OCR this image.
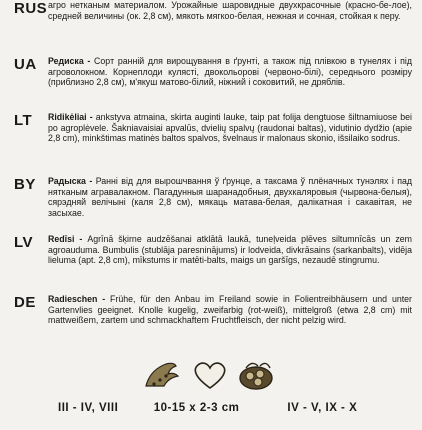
RUS агро нетканым материалом. Урожайные шаровидные двухкрасочные (красно-бе-лое), средней величины (ок. 2,8 см), мякоть мягкоо-белая, нежная и сочная, стойкая к перу.
UA Редиска - Copт ранній для вирощування в ґрунті, а також під плівкою в тунелях і під агроволокном. Корнеплоди кулясті, двокольорові (червоно-білі), середнього розміру (приблизно 2,8 см), м'якуш матово-білий, ніжний і соковитий, не дряблів.
LT Ridikėliai - ankstyva atmaina, skirta auginti lauke, taip pat folija dengtuose šiltnamiuose bei po agroplėvele. Šakniavaisiai apvalūs, dvielių spalvų (raudonai baltas), vidutinio dydžio (apie 2,8 cm), minkštimas matinės baltos spalvos, švelnaus ir malonaus skonio, išsilaiko sodrus.
BY Радыска - Ранні від для вырошчвання ў ґрунце, а таксама ў плёначных тунэлях і пад нятканым агравалакном. Пагадунныя шаранадобныя, двухкаляровыя (чырвона-белыя), сярэдняй велічыні (каля 2,8 см), мякаць матава-белая, далікатная і сакавітая, не засыхае.
LV Redīsi - Agrīnā šķirne audzēšanai atklātā laukā, tuneļveida plēves siltumnīcās un zem agroauduma. Bumbulis (stublāja paresninājums) ir lodveida, divkrāsains (sarkanbalts), vidēja lieluma (apt. 2,8 cm), mīkstums ir matēti-balts, maigs un garšīgs, nezaudē stingrumu.
DE Radieschen - Frühe, für den Anbau im Freiland sowie in Folientreibhäusern und unter Gartenvlies geeignet. Knolle kugelig, zweifarbig (rot-weiß), mittelgroß (etwa 2,8 cm) mit mattweißem, zartem und schmackhaftem Fruchtfleisch, der nicht pelzig wird.
III - IV, VIII	10-15 x 2-3 cm	IV - V, IX - X
